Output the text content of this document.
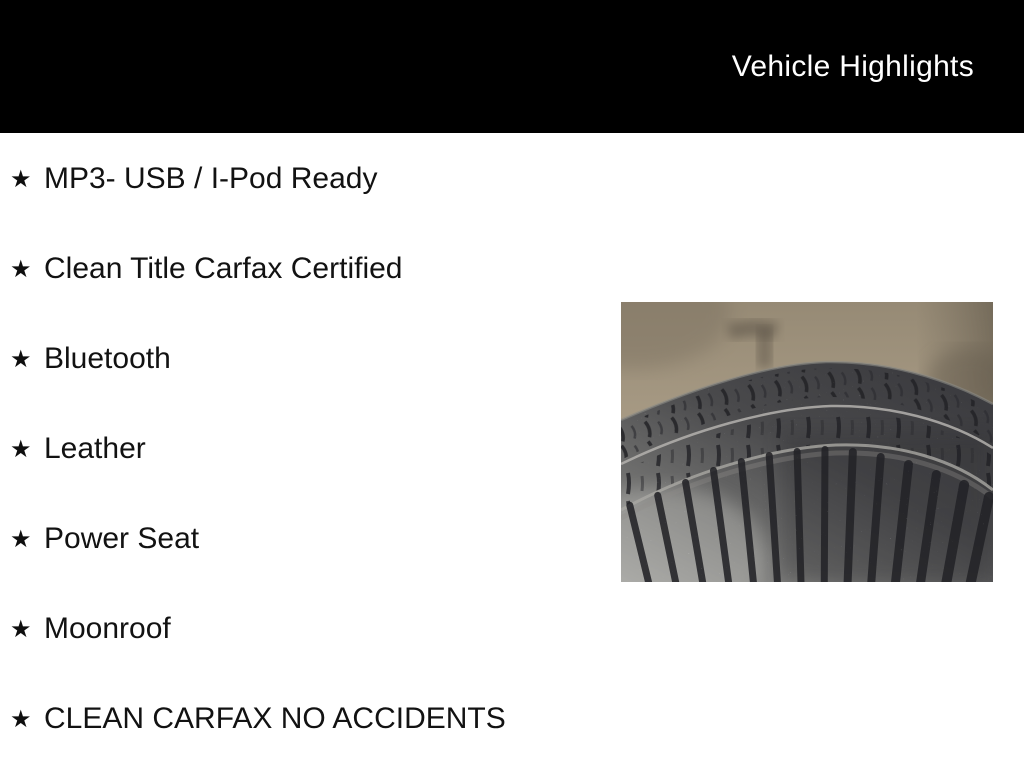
Vehicle Highlights
★ MP3- USB / I-Pod Ready
★ Clean Title Carfax Certified
★ Bluetooth
★ Leather
★ Power Seat
★ Moonroof
★ CLEAN CARFAX NO ACCIDENTS
